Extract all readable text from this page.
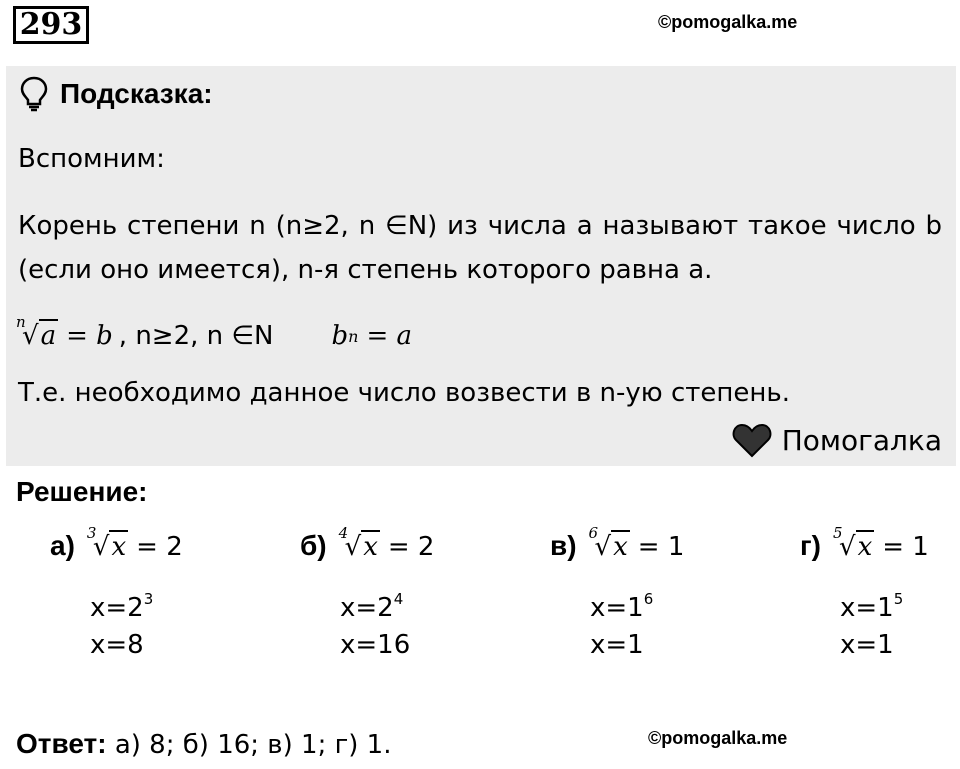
293	©pomogalka.me
Подсказка:
Вспомним:
Корень степени n (n≥2, n ∈N) из числа a называют такое число b (если оно имеется), n-я степень которого равна a.
n
√a = b , n≥2, n ∈N b n = a
Т.е. необходимо данное число возвести в n-ую степень.
Помогалка
Решение:
а) 3
√x = 2
$x=2^3$
x=8
б) 4
√x = 2
$x=2^4$
x=16
в) 6
√x = 1
$x=1^6$
x=1
г) 5
√x = 1
$x=1^5$
x=1
Ответ: а) 8; б) 16; в) 1; г) 1.	©pomogalka.me
